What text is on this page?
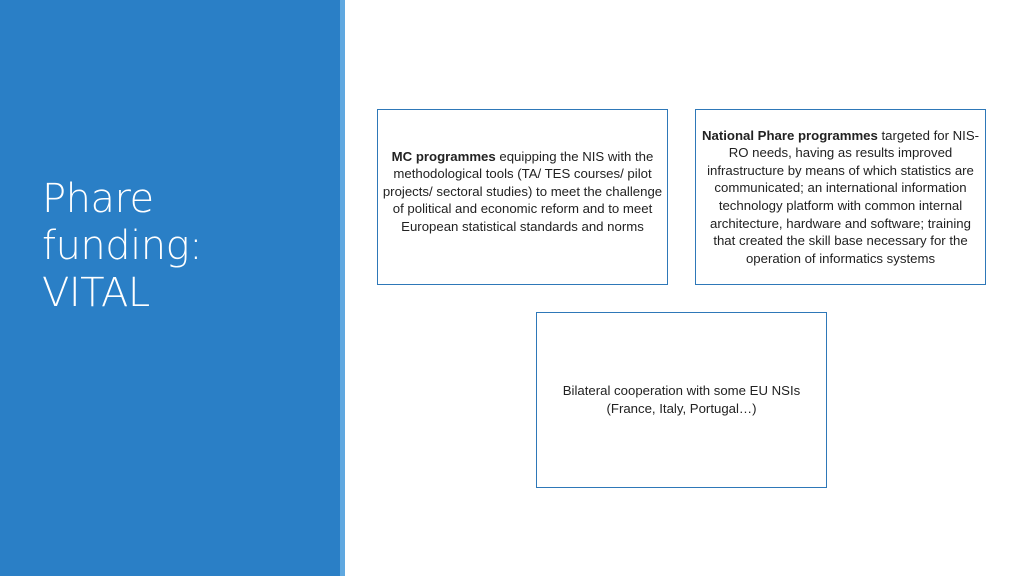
Phare
funding:
VITAL
MC programmes equipping the NIS with the methodological tools (TA/ TES courses/ pilot projects/ sectoral studies) to meet the challenge of political and economic reform and to meet European statistical standards and norms
National Phare programmes targeted for NIS-RO needs, having as results improved infrastructure by means of which statistics are communicated; an international information technology platform with common internal architecture, hardware and software; training that created the skill base necessary for the operation of informatics systems
Bilateral cooperation with some EU NSIs (France, Italy, Portugal…)
